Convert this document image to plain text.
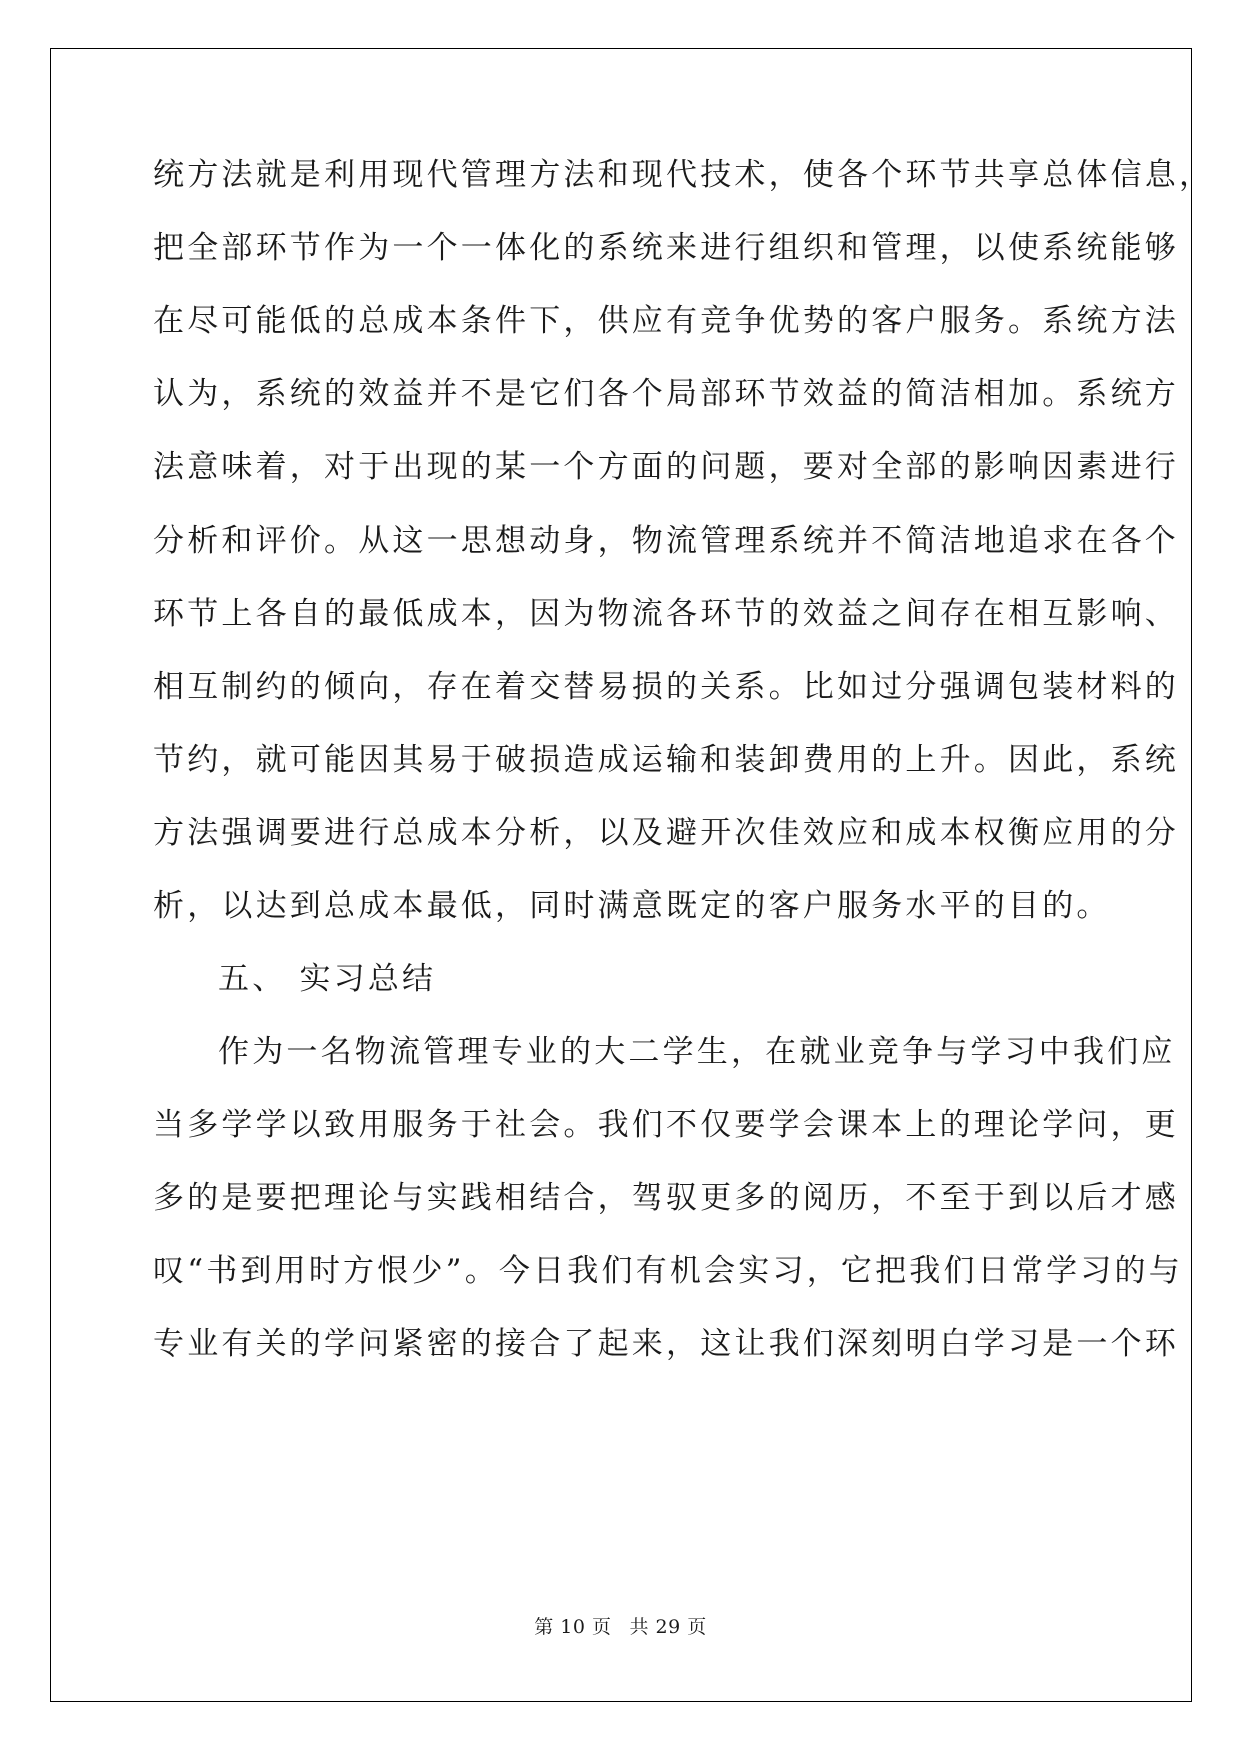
统方法就是利用现代管理方法和现代技术，使各个环节共享总体信息，
把全部环节作为一个一体化的系统来进行组织和管理，以使系统能够
在尽可能低的总成本条件下，供应有竞争优势的客户服务。系统方法
认为，系统的效益并不是它们各个局部环节效益的简洁相加。系统方
法意味着，对于出现的某一个方面的问题，要对全部的影响因素进行
分析和评价。从这一思想动身，物流管理系统并不简洁地追求在各个
环节上各自的最低成本，因为物流各环节的效益之间存在相互影响、
相互制约的倾向，存在着交替易损的关系。比如过分强调包装材料的
节约，就可能因其易于破损造成运输和装卸费用的上升。因此，系统
方法强调要进行总成本分析，以及避开次佳效应和成本权衡应用的分
析，以达到总成本最低，同时满意既定的客户服务水平的目的。
五、 实习总结
作为一名物流管理专业的大二学生，在就业竞争与学习中我们应
当多学学以致用服务于社会。我们不仅要学会课本上的理论学问，更
多的是要把理论与实践相结合，驾驭更多的阅历，不至于到以后才感
叹“书到用时方恨少”。今日我们有机会实习，它把我们日常学习的与
专业有关的学问紧密的接合了起来，这让我们深刻明白学习是一个环
第 10 页 共 29 页
